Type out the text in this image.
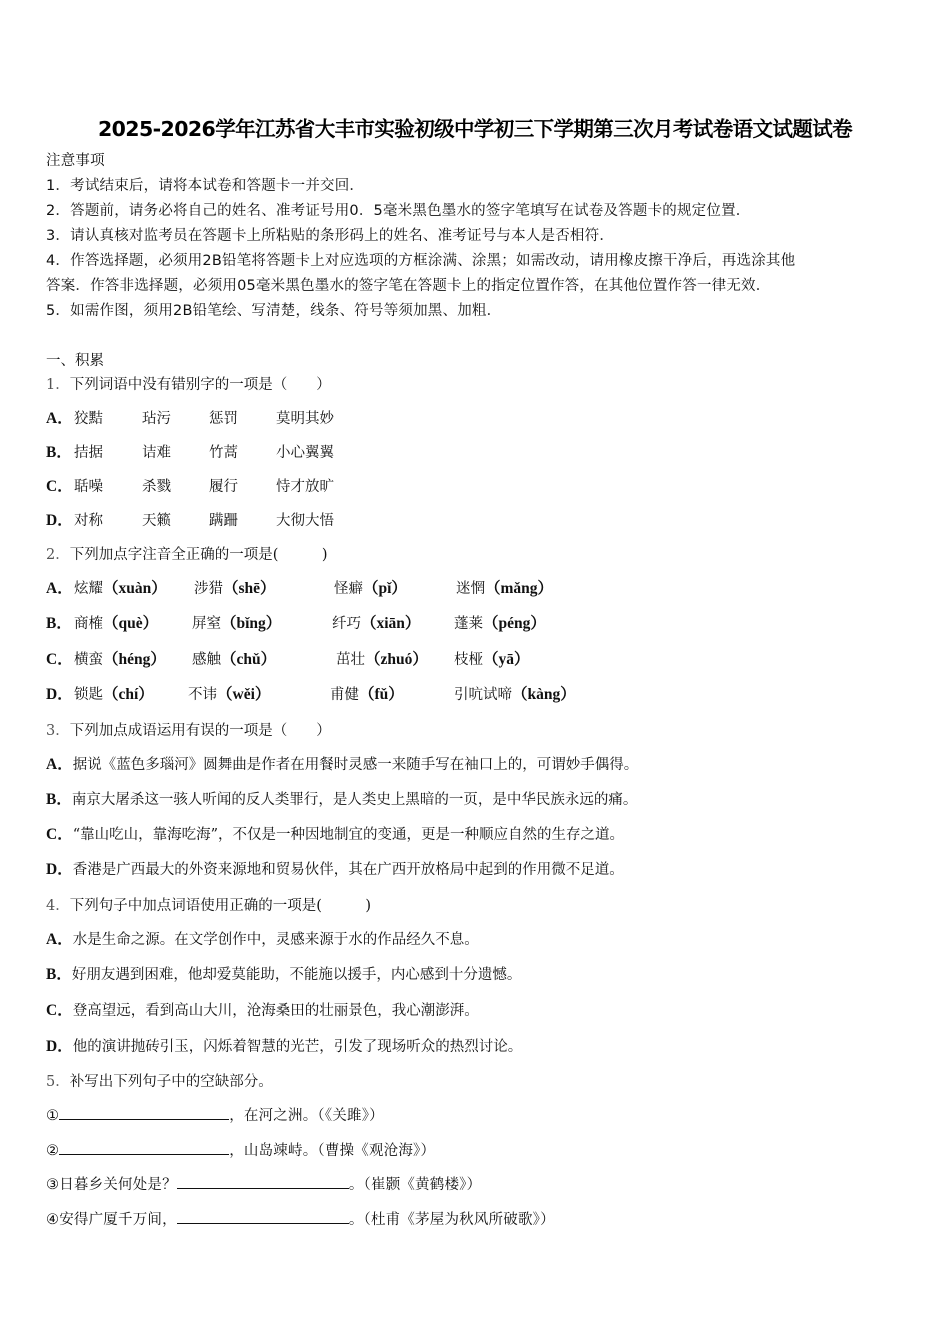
2025-2026学年江苏省大丰市实验初级中学初三下学期第三次月考试卷语文试题试卷
注意事项
1．考试结束后，请将本试卷和答题卡一并交回．
2．答题前，请务必将自己的姓名、准考证号用0．5毫米黑色墨水的签字笔填写在试卷及答题卡的规定位置．
3．请认真核对监考员在答题卡上所粘贴的条形码上的姓名、准考证号与本人是否相符．
4．作答选择题，必须用2B铅笔将答题卡上对应选项的方框涂满、涂黑；如需改动，请用橡皮擦干净后，再选涂其他
答案．作答非选择题，必须用05毫米黑色墨水的签字笔在答题卡上的指定位置作答，在其他位置作答一律无效．
5．如需作图，须用2B铅笔绘、写清楚，线条、符号等须加黑、加粗．
一、积累
1．下列词语中没有错别字的一项是（　　）
A． 狡黠	玷污	惩罚	莫明其妙
B． 拮据	诘难	竹蒿	小心翼翼
C． 聒噪	杀戮	履行	恃才放旷
D． 对称	天籁	蹒跚	大彻大悟
2．下列加点字注音全正确的一项是(　　　)
A． 炫耀（xuàn） 涉猎（shē）	怪癖（pǐ）	迷惘（mǎng）
B． 商榷（què） 屏窒（bǐng）	纤巧（xiān） 蓬莱（péng）
C． 横蛮（héng） 感触（chǔ）	茁壮（zhuó） 枝桠（yā）
D． 锁匙（chí） 不讳（wěi）	甫健（fǔ）	引吭试啼（kàng）
3．下列加点成语运用有误的一项是（　　）
A．据说《蓝色多瑙河》圆舞曲是作者在用餐时灵感一来随手写在袖口上的，可谓妙手偶得。
B．南京大屠杀这一骇人听闻的反人类罪行，是人类史上黑暗的一页，是中华民族永远的痛。
C．“靠山吃山，靠海吃海”，不仅是一种因地制宜的变通，更是一种顺应自然的生存之道。
D．香港是广西最大的外资来源地和贸易伙伴，其在广西开放格局中起到的作用微不足道。
4．下列句子中加点词语使用正确的一项是(　　　)
A．水是生命之源。在文学创作中，灵感来源于水的作品经久不息。
B．好朋友遇到困难，他却爱莫能助，不能施以援手，内心感到十分遗憾。
C．登高望远，看到高山大川，沧海桑田的壮丽景色，我心潮澎湃。
D．他的演讲抛砖引玉，闪烁着智慧的光芒，引发了现场听众的热烈讨论。
5．补写出下列句子中的空缺部分。
①	，在河之洲。（《关雎》）
②	，山岛竦峙。（曹操《观沧海》）
③日暮乡关何处是？	。（崔颢《黄鹤楼》）
④安得广厦千万间，	。（杜甫《茅屋为秋风所破歌》）
